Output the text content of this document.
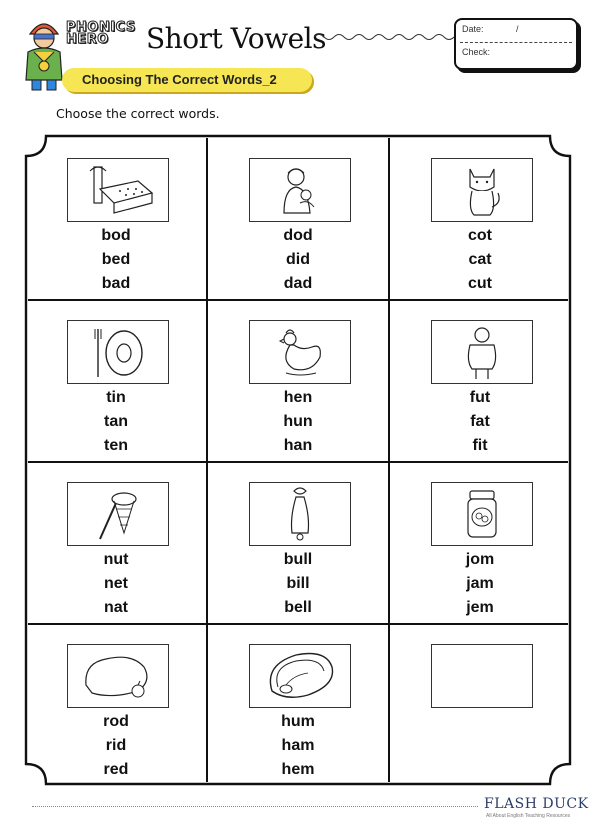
PHONICS
HERO	Short Vowels	Date:	/
Check:
Choosing The Correct Words_2
Choose the correct words.
bod
bed
bad
dod
did
dad
cot
cat
cut
tin
tan
ten
hen
hun
han
fut
fat
fit
nut
net
nat
bull
bill
bell
jom
jam
jem
rod
rid
red
hum
ham
hem
FLASH DUCK
All About English Teaching Resources
